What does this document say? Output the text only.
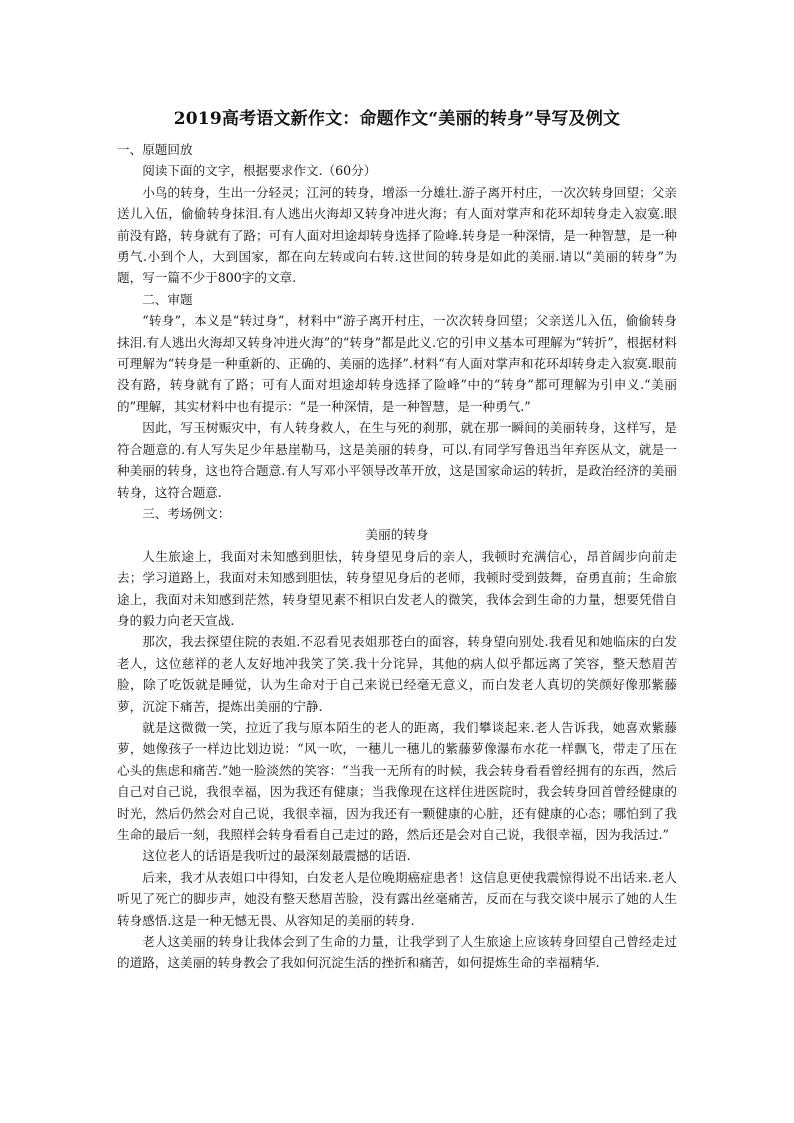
2019高考语文新作文：命题作文“美丽的转身”导写及例文

一、原题回放

阅读下面的文字，根据要求作文.（60分）

小鸟的转身，生出一分轻灵；江河的转身，增添一分雄壮.游子离开村庄，一次次转身回望；父亲送儿入伍，偷偷转身抹泪.有人逃出火海却又转身冲进火海；有人面对掌声和花环却转身走入寂寞.眼前没有路，转身就有了路；可有人面对坦途却转身选择了险峰.转身是一种深情，是一种智慧，是一种勇气.小到个人，大到国家，都在向左转或向右转.这世间的转身是如此的美丽.请以“美丽的转身”为题，写一篇不少于800字的文章.

二、审题

“转身”，本义是“转过身”，材料中“游子离开村庄，一次次转身回望；父亲送儿入伍，偷偷转身抹泪.有人逃出火海却又转身冲进火海”的“转身”都是此义.它的引申义基本可理解为“转折”，根据材料可理解为“转身是一种重新的、正确的、美丽的选择”.材料“有人面对掌声和花环却转身走入寂寞.眼前没有路，转身就有了路；可有人面对坦途却转身选择了险峰”中的“转身”都可理解为引申义.“美丽的”理解，其实材料中也有提示：“是一种深情，是一种智慧，是一种勇气.”

因此，写玉树赈灾中，有人转身救人，在生与死的刹那，就在那一瞬间的美丽转身，这样写，是符合题意的.有人写失足少年悬崖勒马，这是美丽的转身，可以.有同学写鲁迅当年弃医从文，就是一种美丽的转身，这也符合题意.有人写邓小平领导改革开放，这是国家命运的转折，是政治经济的美丽转身，这符合题意.

三、考场例文：

美丽的转身

人生旅途上，我面对未知感到胆怯，转身望见身后的亲人，我顿时充满信心，昂首阔步向前走去；学习道路上，我面对未知感到胆怯，转身望见身后的老师，我顿时受到鼓舞，奋勇直前；生命旅途上，我面对未知感到茫然，转身望见素不相识白发老人的微笑，我体会到生命的力量，想要凭借自身的毅力向老天宣战.

那次，我去探望住院的表姐.不忍看见表姐那苍白的面容，转身望向别处.我看见和她临床的白发老人，这位慈祥的老人友好地冲我笑了笑.我十分诧异，其他的病人似乎都远离了笑容，整天愁眉苦脸，除了吃饭就是睡觉，认为生命对于自己来说已经毫无意义，而白发老人真切的笑颜好像那紫藤萝，沉淀下痛苦，提炼出美丽的宁静.

就是这微微一笑，拉近了我与原本陌生的老人的距离，我们攀谈起来.老人告诉我，她喜欢紫藤萝，她像孩子一样边比划边说：“风一吹，一穗儿一穗儿的紫藤萝像瀑布水花一样飘飞，带走了压在心头的焦虑和痛苦.”她一脸淡然的笑容：“当我一无所有的时候，我会转身看看曾经拥有的东西，然后自己对自己说，我很幸福，因为我还有健康；当我像现在这样住进医院时，我会转身回首曾经健康的时光，然后仍然会对自己说，我很幸福，因为我还有一颗健康的心脏，还有健康的心态；哪怕到了我生命的最后一刻，我照样会转身看看自己走过的路，然后还是会对自己说，我很幸福，因为我活过.”

这位老人的话语是我听过的最深刻最震撼的话语.

后来，我才从表姐口中得知，白发老人是位晚期癌症患者！这信息更使我震惊得说不出话来.老人听见了死亡的脚步声，她没有整天愁眉苦脸，没有露出丝毫痛苦，反而在与我交谈中展示了她的人生转身感悟.这是一种无憾无畏、从容知足的美丽的转身.

老人这美丽的转身让我体会到了生命的力量，让我学到了人生旅途上应该转身回望自己曾经走过的道路，这美丽的转身教会了我如何沉淀生活的挫折和痛苦，如何提炼生命的幸福精华.
